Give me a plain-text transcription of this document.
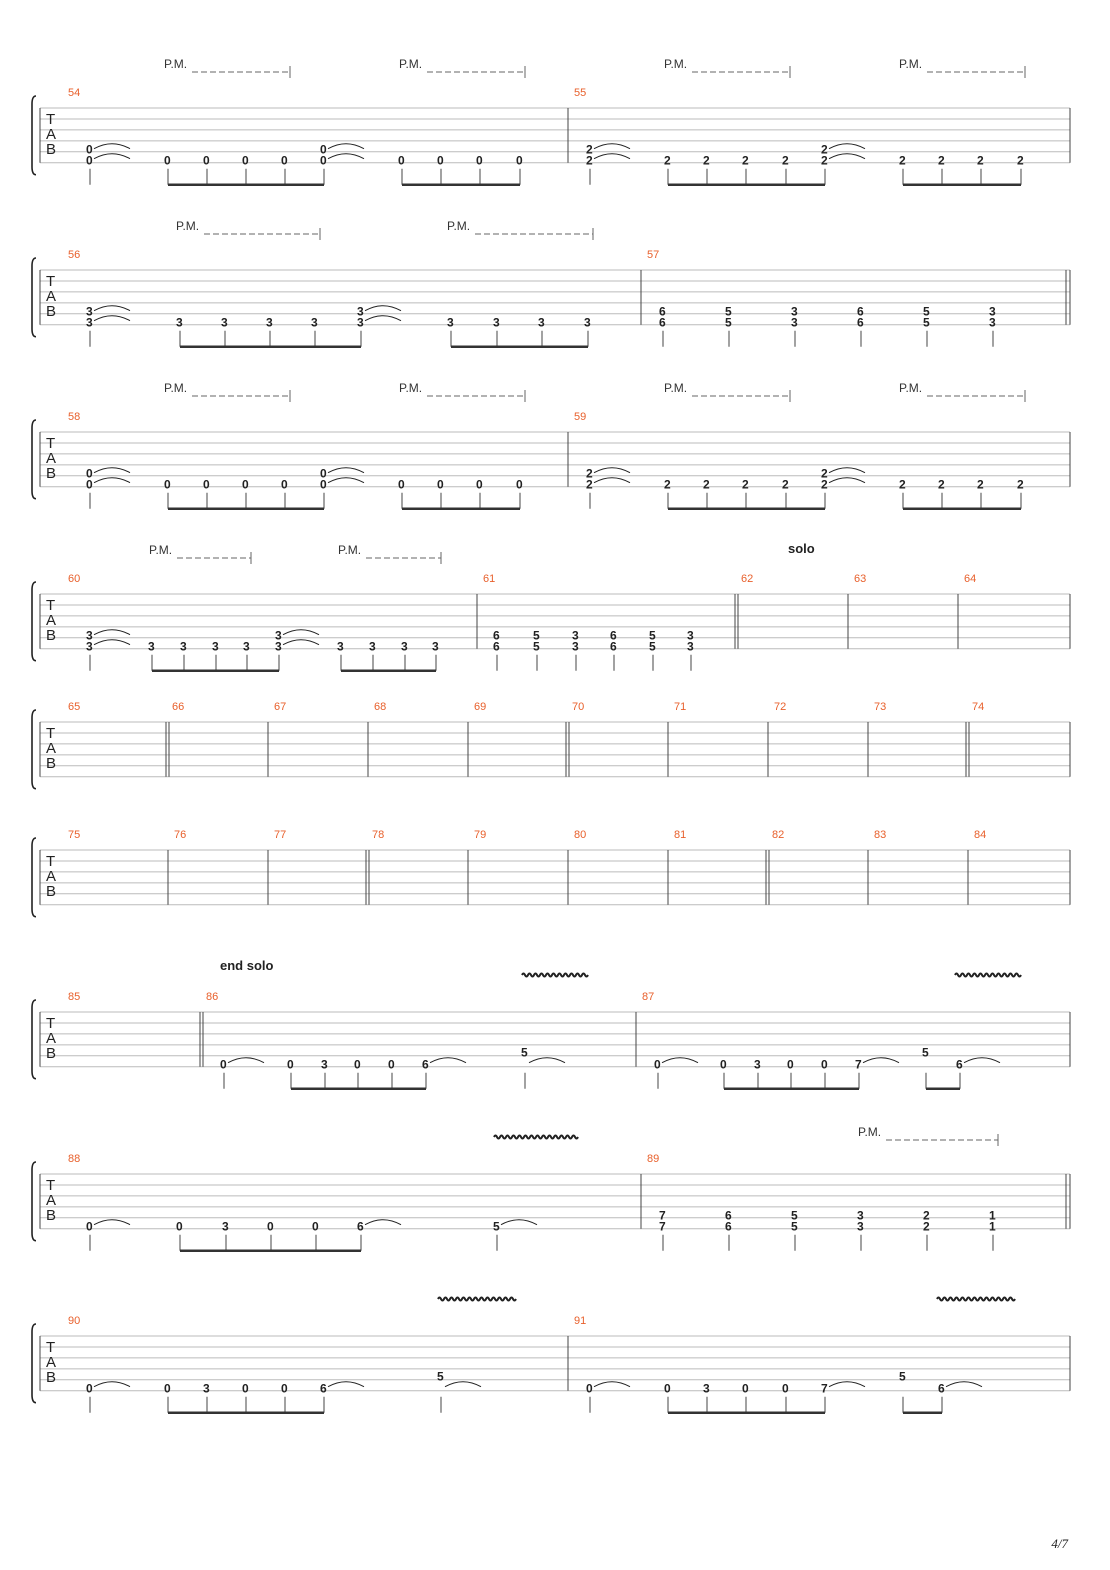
T
A
B
54	55
P.M.	P.M.	P.M.	P.M.
0
0	0	0	0	0
0
0	0	0	0	0
2
2	2	2	2	2
2
2	2	2	2	2
T
A
B
56	57
P.M.	P.M.
3
3	3	3	3	3
3
3	3	3	3	3
6
6
5
5
3
3
6
6
5
5
3
3
T
A
B
58	59
P.M.	P.M.	P.M.	P.M.
0
0	0	0	0	0
0
0	0	0	0	0
2
2	2	2	2	2
2
2	2	2	2	2
T
A
B
60	61	62	63	64
solo
P.M.	P.M.
3
3	3 3 3 3
3
3	3 3 3 3
6
6
5
5
3
3
6
6
5
5
3
3
T
A
B
65	66	67	68	69	70	71	72	73	74
T
A
B
75	76	77	78	79	80	81	82	83	84
T
A
B
85	86	87
end solo
0	0 3 0 0 6
5
0	0 3 0 0 7
5
6
T
A
B
88	89
P.M.
0	0	3	0	0	6	5
7
7
6
6
5
5
3
3
2
2
1
1
T
A
B
90	91
0	0	3	0	0	6
5
0	0	3	0	0	7
5
6
4/7
